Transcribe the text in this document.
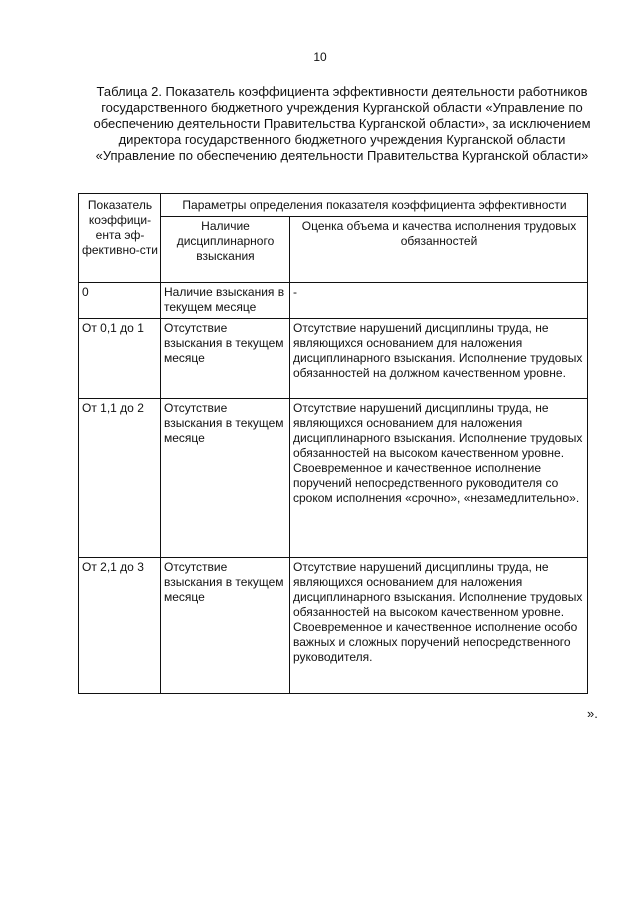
10
Таблица 2. Показатель коэффициента эффективности деятельности работников государственного бюджетного учреждения Курганской области «Управление по обеспечению деятельности Правительства Курганской области», за исключением директора государственного бюджетного учреждения Курганской области «Управление по обеспечению деятельности Правительства Курганской области»
Показатель коэффици-ента эф-фективно-сти	Параметры определения показателя коэффициента эффективности	
	Наличие дисциплинарного взыскания	Оценка объема и качества исполнения трудовых обязанностей
0	Наличие взыскания в текущем месяце	-
От 0,1 до 1	Отсутствие взыскания в текущем месяце	Отсутствие нарушений дисциплины труда, не являющихся основанием для наложения дисциплинарного взыскания. Исполнение трудовых обязанностей на должном качественном уровне.
От 1,1 до 2	Отсутствие взыскания в текущем месяце	Отсутствие нарушений дисциплины труда, не являющихся основанием для наложения дисциплинарного взыскания. Исполнение трудовых обязанностей на высоком качественном уровне. Своевременное и качественное исполнение поручений непосредственного руководителя со сроком исполнения «срочно», «незамедлительно».
От 2,1 до 3	Отсутствие взыскания в текущем месяце	Отсутствие нарушений дисциплины труда, не являющихся основанием для наложения дисциплинарного взыскания. Исполнение трудовых обязанностей на высоком качественном уровне. Своевременное и качественное исполнение особо важных и сложных поручений непосредственного руководителя.
».
